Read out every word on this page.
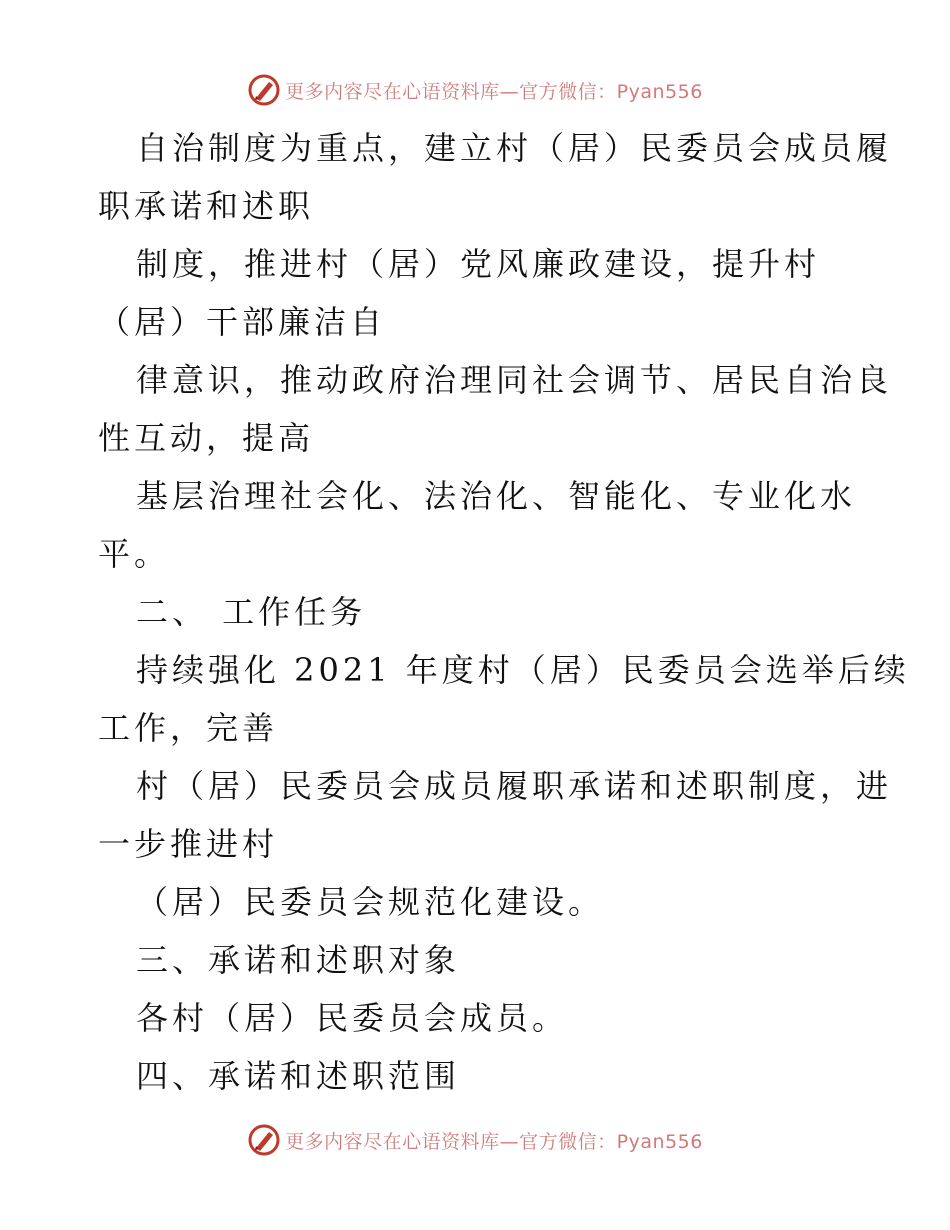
更多内容尽在心语资料库—官方微信：Pyan556
自治制度为重点，建立村（居）民委员会成员履
职承诺和述职
制度，推进村（居）党风廉政建设，提升村
（居）干部廉洁自
律意识，推动政府治理同社会调节、居民自治良
性互动，提高
基层治理社会化、法治化、智能化、专业化水
平。
二、 工作任务
持续强化 2021 年度村（居）民委员会选举后续
工作，完善
村（居）民委员会成员履职承诺和述职制度，进
一步推进村
（居）民委员会规范化建设。
三、承诺和述职对象
各村（居）民委员会成员。
四、承诺和述职范围
更多内容尽在心语资料库—官方微信：Pyan556
